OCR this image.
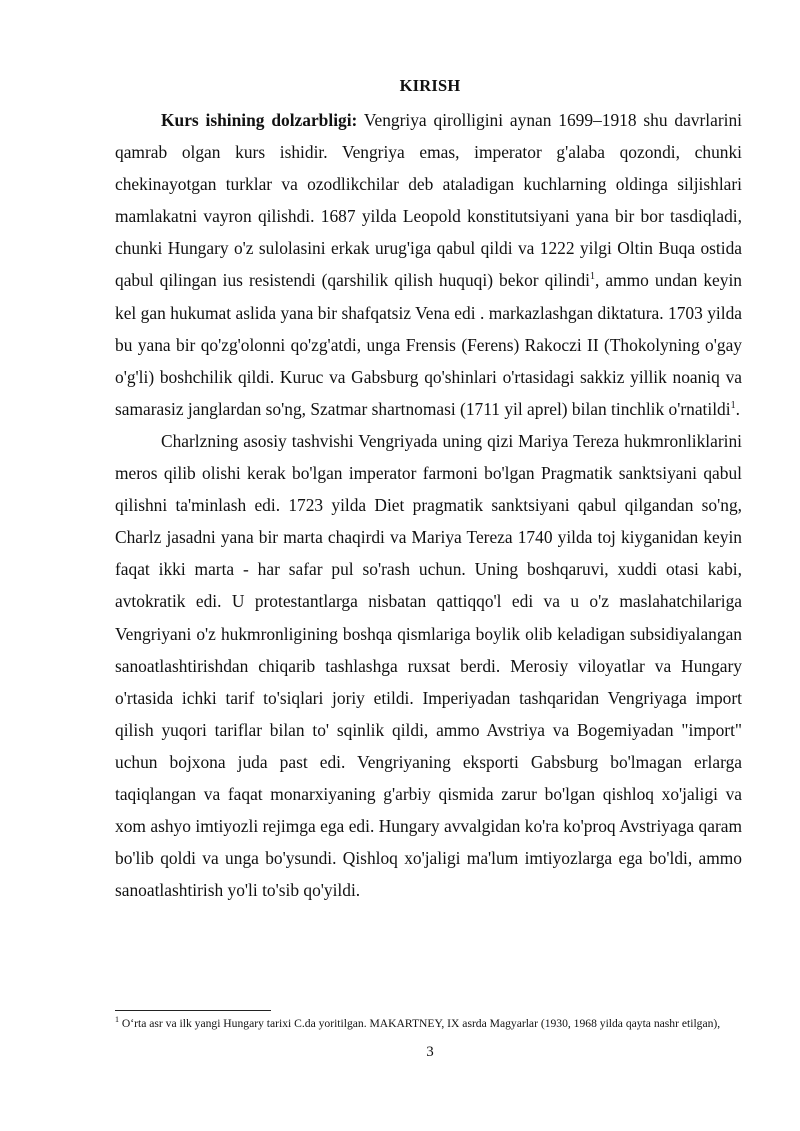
KIRISH

Kurs ishining dolzarbligi: Vengriya qirolligini aynan 1699–1918 shu davrlarini qamrab olgan kurs ishidir. Vengriya emas, imperator g'alaba qozondi, chunki chekinayotgan turklar va ozodlikchilar deb ataladigan kuchlarning oldinga siljishlari mamlakatni vayron qilishdi. 1687 yilda Leopold konstitutsiyani yana bir bor tasdiqladi, chunki Hungary o'z sulolasini erkak urug'iga qabul qildi va 1222 yilgi Oltin Buqa ostida qabul qilingan ius resistendi (qarshilik qilish huquqi) bekor qilindi$^1$, ammo undan keyin kel gan hukumat aslida yana bir shafqatsiz Vena edi . markazlashgan diktatura. 1703 yilda bu yana bir qo'zg'olonni qo'zg'atdi, unga Frensis (Ferens) Rakoczi II (Thokolyning o'gay o'g'li) boshchilik qildi. Kuruc va Gabsburg qo'shinlari o'rtasidagi sakkiz yillik noaniq va samarasiz janglardan so'ng, Szatmar shartnomasi (1711 yil aprel) bilan tinchlik o'rnatildi$^1$.

Charlzning asosiy tashvishi Vengriyada uning qizi Mariya Tereza hukmronliklarini meros qilib olishi kerak bo'lgan imperator farmoni bo'lgan Pragmatik sanktsiyani qabul qilishni ta'minlash edi. 1723 yilda Diet pragmatik sanktsiyani qabul qilgandan so'ng, Charlz jasadni yana bir marta chaqirdi va Mariya Tereza 1740 yilda toj kiyganidan keyin faqat ikki marta - har safar pul so'rash uchun. Uning boshqaruvi, xuddi otasi kabi, avtokratik edi. U protestantlarga nisbatan qattiqqo'l edi va u o'z maslahatchilariga Vengriyani o'z hukmronligining boshqa qismlariga boylik olib keladigan subsidiyalangan sanoatlashtirishdan chiqarib tashlashga ruxsat berdi. Merosiy viloyatlar va Hungary o'rtasida ichki tarif to'siqlari joriy etildi. Imperiyadan tashqaridan Vengriyaga import qilish yuqori tariflar bilan to' sqinlik qildi, ammo Avstriya va Bogemiyadan "import" uchun bojxona juda past edi. Vengriyaning eksporti Gabsburg bo'lmagan erlarga taqiqlangan va faqat monarxiyaning g'arbiy qismida zarur bo'lgan qishloq xo'jaligi va xom ashyo imtiyozli rejimga ega edi. Hungary avvalgidan ko'ra ko'proq Avstriyaga qaram bo'lib qoldi va unga bo'ysundi. Qishloq xo'jaligi ma'lum imtiyozlarga ega bo'ldi, ammo sanoatlashtirish yo'li to'sib qo'yildi.

$^1$ O‘rta asr va ilk yangi Hungary tarixi C.da yoritilgan. MAKARTNEY, IX asrda Magyarlar (1930, 1968 yilda qayta nashr etilgan),
3
